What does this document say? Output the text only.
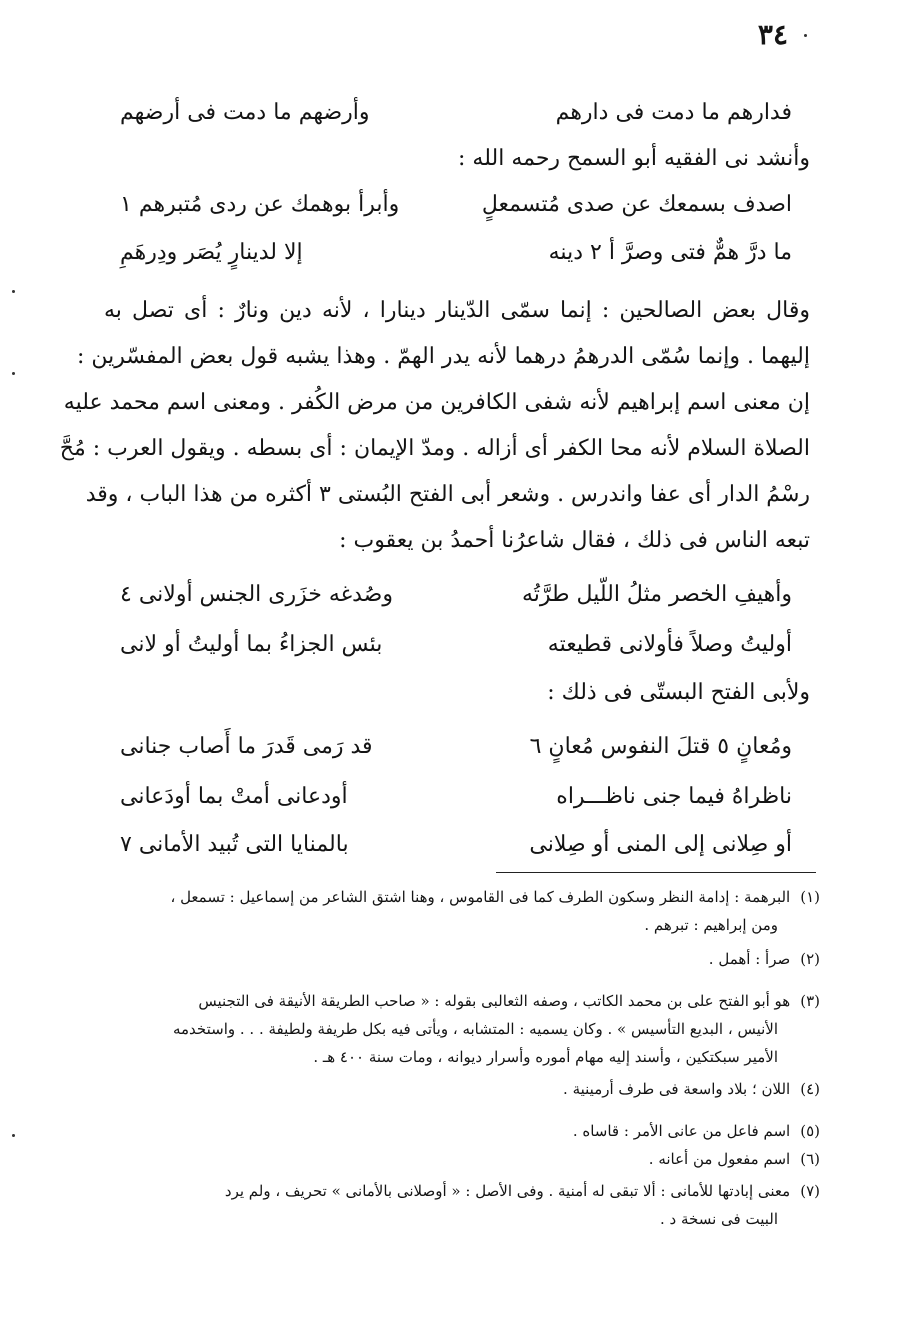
٣٤
فدارهم ما دمت فى دارهم
وأرضهم ما دمت فى أرضهم
وأنشد نى الفقيه أبو السمح رحمه الله :
اصدف بسمعك عن صدى مُتسمعلٍ
وأبرأ بوهمك عن ردى مُتبرهم ١
ما درَّ همٌّ فتى وصرَّ أ ٢ دينه
إلا لدينارٍ يُصَر ودِرهَمِ
وقال بعض الصالحين : إنما سمّى الدّينار دينارا ، لأنه دين ونارٌ : أى تصل به
إليهما . وإنما سُمّى الدرهمُ درهما لأنه يدر الهمّ . وهذا يشبه قول بعض المفسّرين :
إن معنى اسم إبراهيم لأنه شفى الكافرين من مرض الكُفر . ومعنى اسم محمد عليه
الصلاة السلام لأنه محا الكفر أى أزاله . ومدّ الإيمان : أى بسطه . ويقول العرب : مُحَّ
رسْمُ الدار أى عفا واندرس . وشعر أبى الفتح البُستى ٣ أكثره من هذا الباب ، وقد
تبعه الناس فى ذلك ، فقال شاعرُنا أحمدُ بن يعقوب :
وأهيفِ الخصر مثلُ اللّيل طرَّتُه
وصُدغه خزَرى الجنس أولانى ٤
أوليتُ وصلاً فأولانى قطيعته
بئس الجزاءُ بما أوليتُ أو لانى
ولأبى الفتح البستّى فى ذلك :
ومُعانٍ ٥ قتلَ النفوس مُعانٍ ٦
قد رَمى قَدرَ ما أَصاب جنانى
ناظراهُ فيما جنى ناظـــراه
أودعانى أمتْ بما أودَعانى
أو صِلانى إلى المنى أو صِلانى
بالمنايا التى تُبيد الأمانى ٧
(١)البرهمة : إدامة النظر وسكون الطرف كما فى القاموس ، وهنا اشتق الشاعر من إسماعيل : تسمعل ،
ومن إبراهيم : تبرهم .
(٢)صرأ : أهمل .
(٣)هو أبو الفتح على بن محمد الكاتب ، وصفه الثعالبى بقوله : « صاحب الطريقة الأنيقة فى التجنيس
الأنيس ، البديع التأسيس » . وكان يسميه : المتشابه ، ويأتى فيه بكل طريفة ولطيفة . . . واستخدمه
الأمير سبكتكين ، وأسند إليه مهام أموره وأسرار ديوانه ، ومات سنة ٤٠٠ هـ .
(٤)اللان ؛ بلاد واسعة فى طرف أرمينية .
(٥)اسم فاعل من عانى الأمر : قاساه .
(٦)اسم مفعول من أعانه .
(٧)معنى إبادتها للأمانى : ألا تبقى له أمنية . وفى الأصل : « أوصلانى بالأمانى » تحريف ، ولم يرد
البيت فى نسخة د .
